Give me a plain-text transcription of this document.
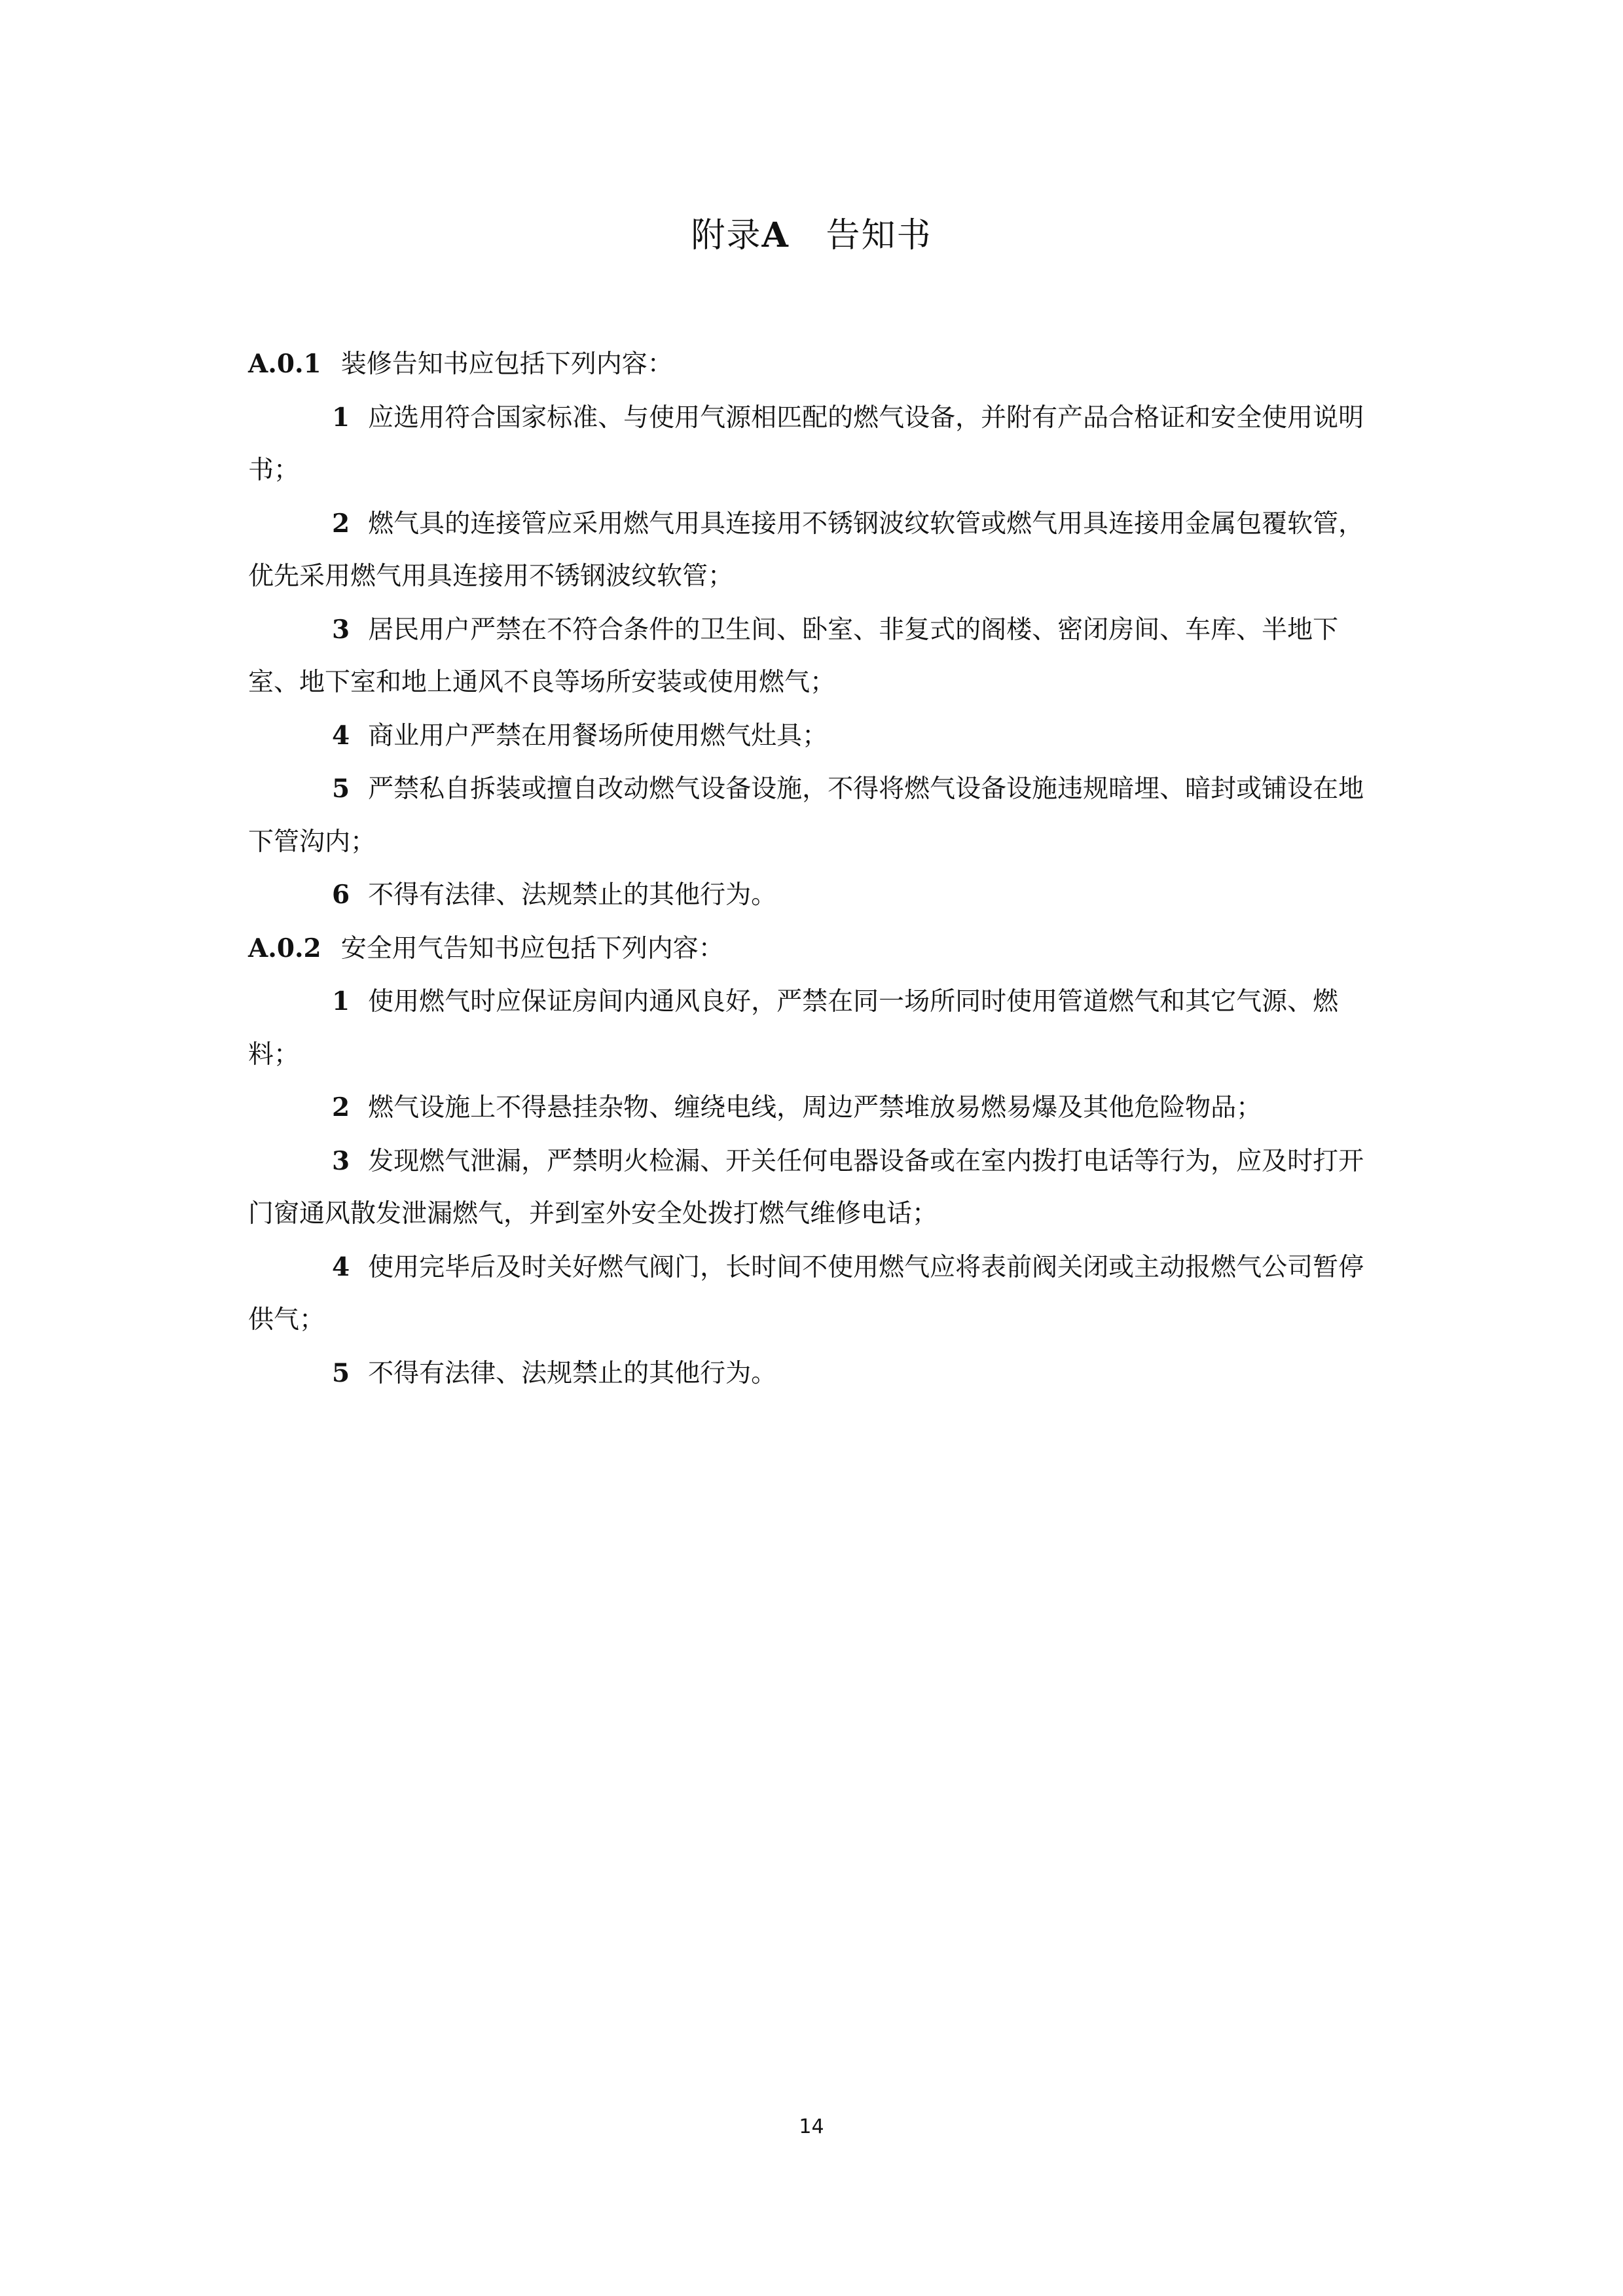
附录A 告知书

A.0.1 装修告知书应包括下列内容：

1 应选用符合国家标准、与使用气源相匹配的燃气设备，并附有产品合格证和安全使用说明书；

2 燃气具的连接管应采用燃气用具连接用不锈钢波纹软管或燃气用具连接用金属包覆软管，优先采用燃气用具连接用不锈钢波纹软管；

3 居民用户严禁在不符合条件的卫生间、卧室、非复式的阁楼、密闭房间、车库、半地下室、地下室和地上通风不良等场所安装或使用燃气；

4 商业用户严禁在用餐场所使用燃气灶具；

5 严禁私自拆装或擅自改动燃气设备设施，不得将燃气设备设施违规暗埋、暗封或铺设在地下管沟内；

6 不得有法律、法规禁止的其他行为。

A.0.2 安全用气告知书应包括下列内容：

1 使用燃气时应保证房间内通风良好，严禁在同一场所同时使用管道燃气和其它气源、燃料；

2 燃气设施上不得悬挂杂物、缠绕电线，周边严禁堆放易燃易爆及其他危险物品；

3 发现燃气泄漏，严禁明火检漏、开关任何电器设备或在室内拨打电话等行为，应及时打开门窗通风散发泄漏燃气，并到室外安全处拨打燃气维修电话；

4 使用完毕后及时关好燃气阀门，长时间不使用燃气应将表前阀关闭或主动报燃气公司暂停供气；

5 不得有法律、法规禁止的其他行为。

14
